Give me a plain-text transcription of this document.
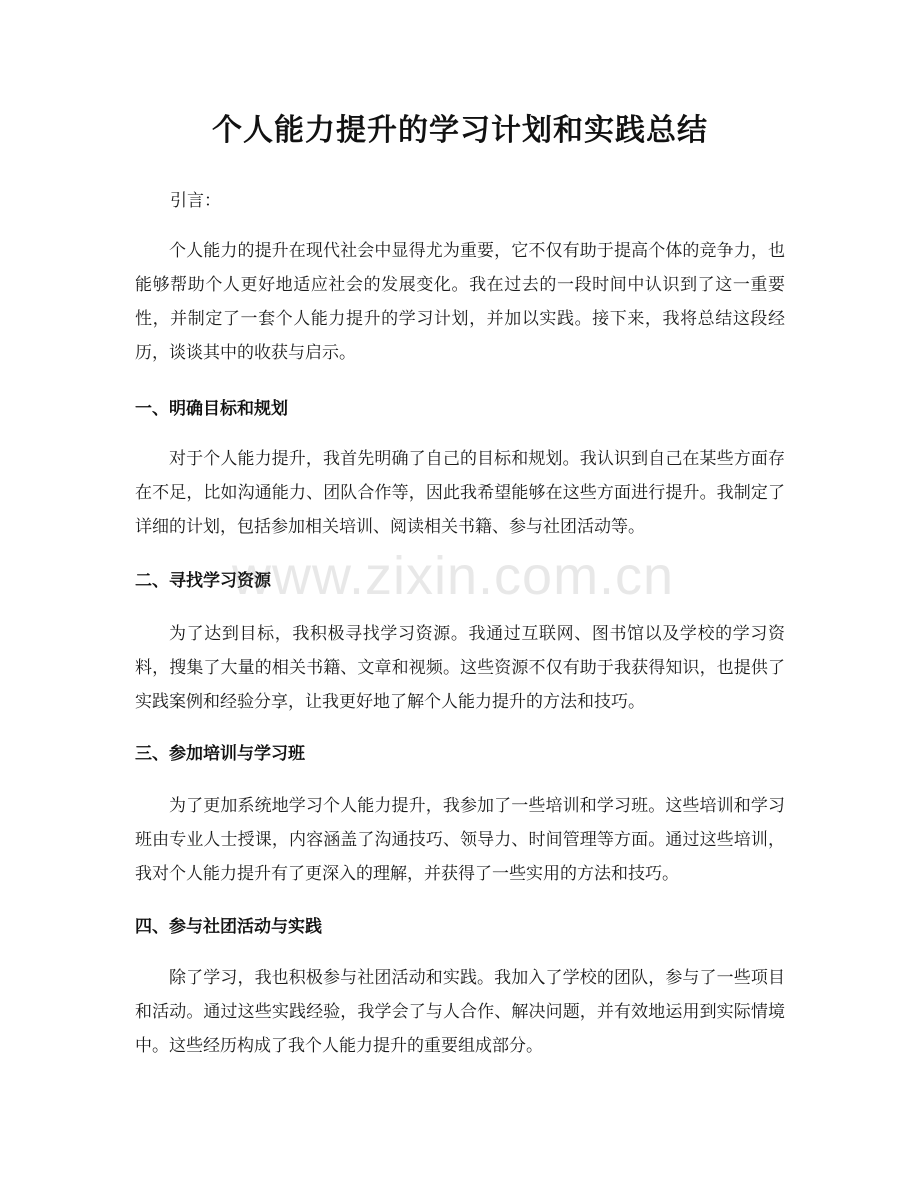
个人能力提升的学习计划和实践总结
引言：

个人能力的提升在现代社会中显得尤为重要，它不仅有助于提高个体的竞争力，也能够帮助个人更好地适应社会的发展变化。我在过去的一段时间中认识到了这一重要性，并制定了一套个人能力提升的学习计划，并加以实践。接下来，我将总结这段经历，谈谈其中的收获与启示。

一、明确目标和规划

对于个人能力提升，我首先明确了自己的目标和规划。我认识到自己在某些方面存在不足，比如沟通能力、团队合作等，因此我希望能够在这些方面进行提升。我制定了详细的计划，包括参加相关培训、阅读相关书籍、参与社团活动等。

二、寻找学习资源

为了达到目标，我积极寻找学习资源。我通过互联网、图书馆以及学校的学习资料，搜集了大量的相关书籍、文章和视频。这些资源不仅有助于我获得知识，也提供了实践案例和经验分享，让我更好地了解个人能力提升的方法和技巧。

三、参加培训与学习班

为了更加系统地学习个人能力提升，我参加了一些培训和学习班。这些培训和学习班由专业人士授课，内容涵盖了沟通技巧、领导力、时间管理等方面。通过这些培训，我对个人能力提升有了更深入的理解，并获得了一些实用的方法和技巧。

四、参与社团活动与实践

除了学习，我也积极参与社团活动和实践。我加入了学校的团队，参与了一些项目和活动。通过这些实践经验，我学会了与人合作、解决问题，并有效地运用到实际情境中。这些经历构成了我个人能力提升的重要组成部分。

www.zixin.com.cn
